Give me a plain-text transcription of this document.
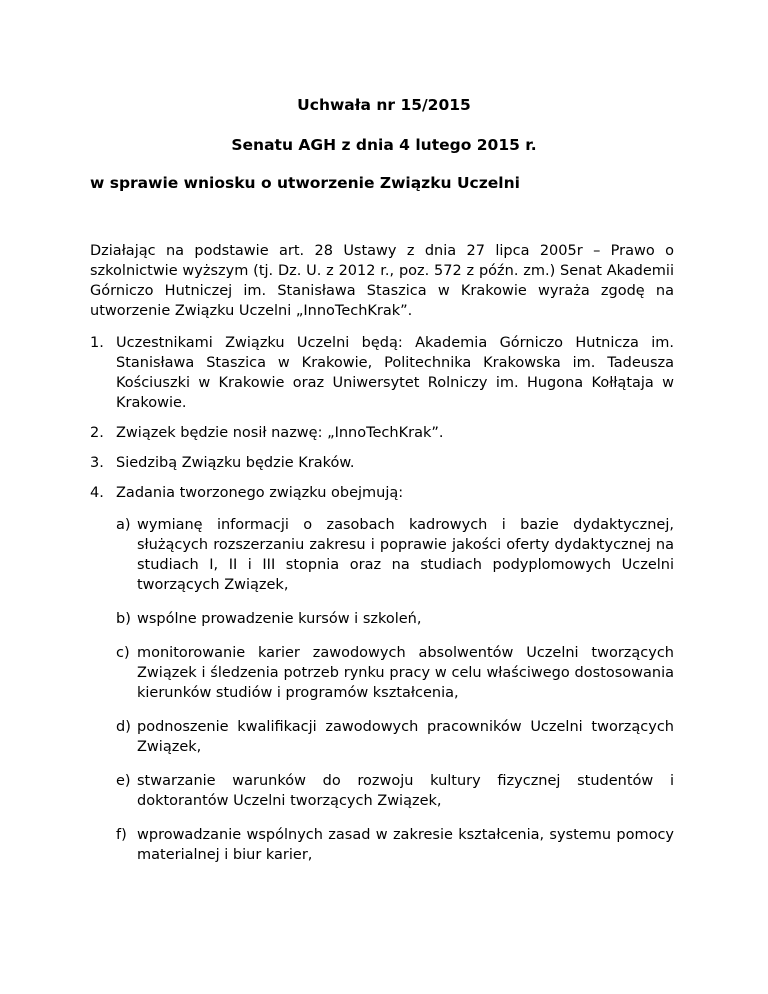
Uchwała nr 15/2015
Senatu AGH z dnia 4 lutego 2015 r.
w sprawie wniosku o utworzenie Związku Uczelni

Działając na podstawie art. 28 Ustawy z dnia 27 lipca 2005r – Prawo o szkolnictwie wyższym (tj. Dz. U. z 2012 r., poz. 572 z późn. zm.) Senat Akademii Górniczo Hutniczej im. Stanisława Staszica w Krakowie wyraża zgodę na utworzenie Związku Uczelni „InnoTechKrak”.

1. Uczestnikami Związku Uczelni będą: Akademia Górniczo Hutnicza im. Stanisława Staszica w Krakowie, Politechnika Krakowska im. Tadeusza Kościuszki w Krakowie oraz Uniwersytet Rolniczy im. Hugona Kołłątaja w Krakowie.
2. Związek będzie nosił nazwę: „InnoTechKrak”.
3. Siedzibą Związku będzie Kraków.
4. Zadania tworzonego związku obejmują:
a) wymianę informacji o zasobach kadrowych i bazie dydaktycznej, służących rozszerzaniu zakresu i poprawie jakości oferty dydaktycznej na studiach I, II i III stopnia oraz na studiach podyplomowych Uczelni tworzących Związek,
b) wspólne prowadzenie kursów i szkoleń,
c) monitorowanie karier zawodowych absolwentów Uczelni tworzących Związek i śledzenia potrzeb rynku pracy w celu właściwego dostosowania kierunków studiów i programów kształcenia,
d) podnoszenie kwalifikacji zawodowych pracowników Uczelni tworzących Związek,
e) stwarzanie warunków do rozwoju kultury fizycznej studentów i doktorantów Uczelni tworzących Związek,
f) wprowadzanie wspólnych zasad w zakresie kształcenia, systemu pomocy materialnej i biur karier,
